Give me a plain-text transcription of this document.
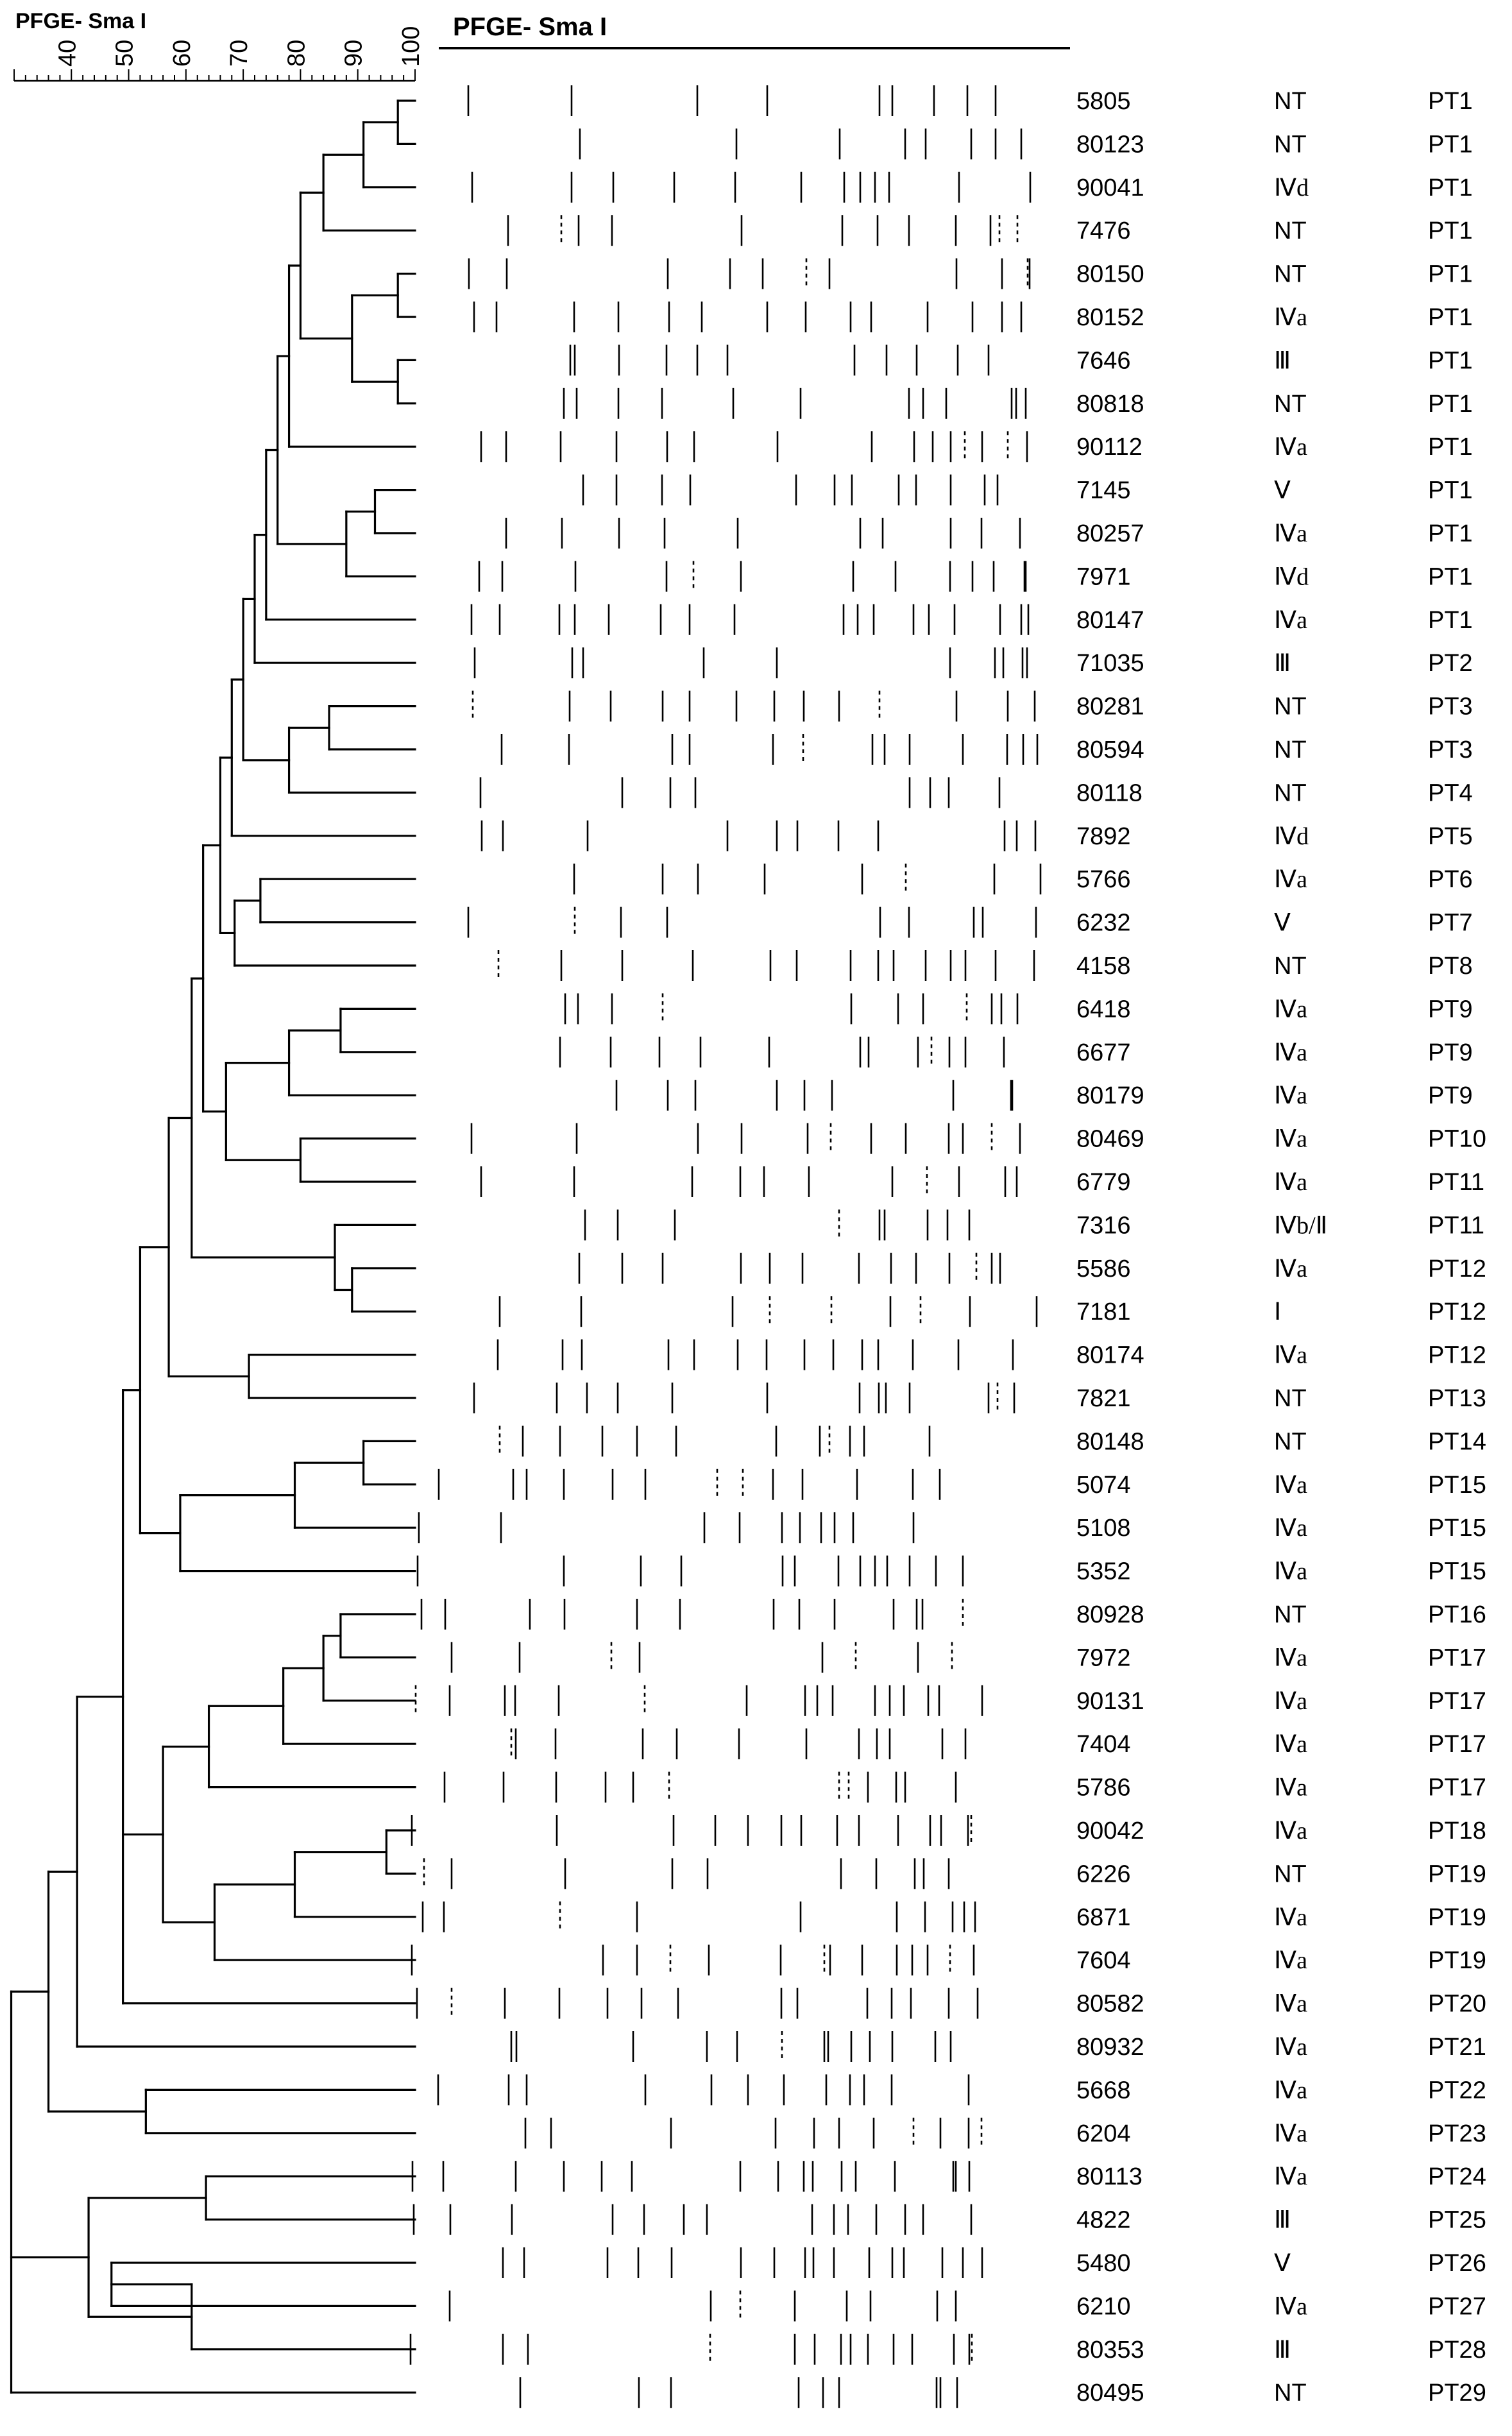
PFGE- Sma I
40 50 60 70 80 90 100 PFGE- Sma I
5805	NT	PT1
80123	NT	PT1
90041	Ⅳd	PT1
7476	NT	PT1
80150	NT	PT1
80152	Ⅳa	PT1
7646	Ⅲ	PT1
80818	NT	PT1
90112	Ⅳa	PT1
7145	Ⅴ	PT1
80257	Ⅳa	PT1
7971	Ⅳd	PT1
80147	Ⅳa	PT1
71035	Ⅲ	PT2
80281	NT	PT3
80594	NT	PT3
80118	NT	PT4
7892	Ⅳd	PT5
5766	Ⅳa	PT6
6232	Ⅴ	PT7
4158	NT	PT8
6418	Ⅳa	PT9
6677	Ⅳa	PT9
80179	Ⅳa	PT9
80469	Ⅳa	PT10
6779	Ⅳa	PT11
7316	Ⅳb/Ⅱ	PT11
5586	Ⅳa	PT12
7181	Ⅰ	PT12
80174	Ⅳa	PT12
7821	NT	PT13
80148	NT	PT14
5074	Ⅳa	PT15
5108	Ⅳa	PT15
5352	Ⅳa	PT15
80928	NT	PT16
7972	Ⅳa	PT17
90131	Ⅳa	PT17
7404	Ⅳa	PT17
5786	Ⅳa	PT17
90042	Ⅳa	PT18
6226	NT	PT19
6871	Ⅳa	PT19
7604	Ⅳa	PT19
80582	Ⅳa	PT20
80932	Ⅳa	PT21
5668	Ⅳa	PT22
6204	Ⅳa	PT23
80113	Ⅳa	PT24
4822	Ⅲ	PT25
5480	Ⅴ	PT26
6210	Ⅳa	PT27
80353	Ⅲ	PT28
80495	NT	PT29
